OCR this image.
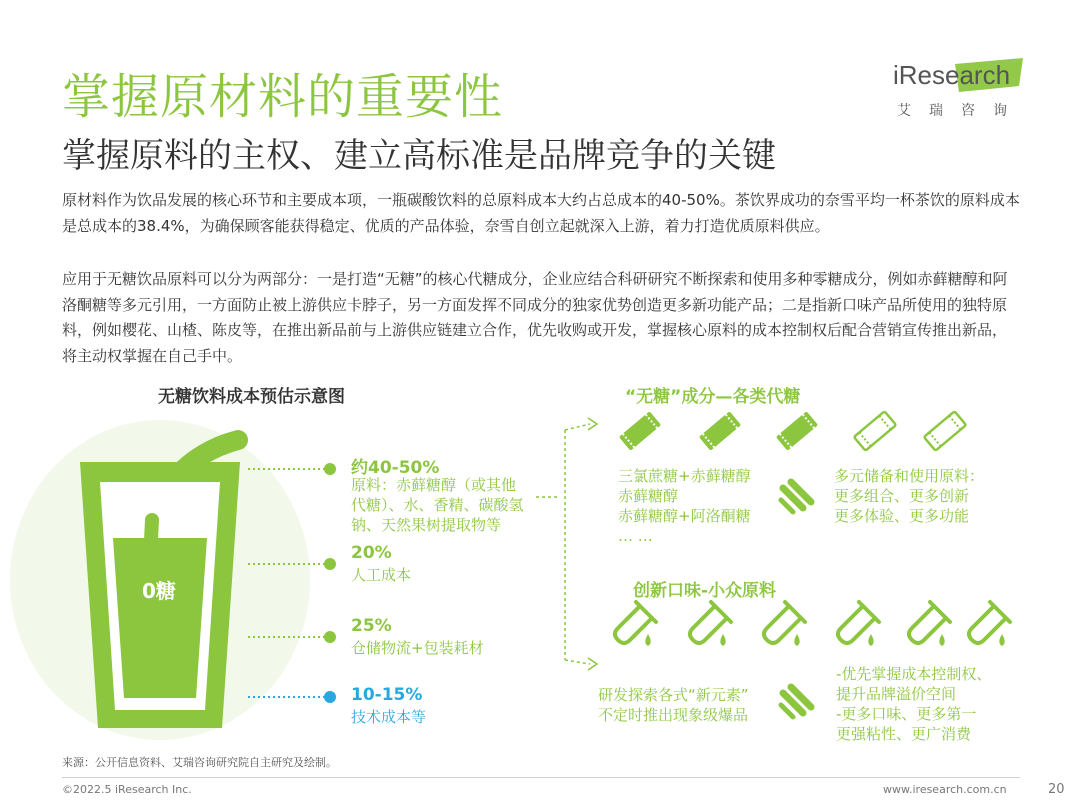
掌握原材料的重要性
掌握原料的主权、建立高标准是品牌竞争的关键
iResearch
艾瑞咨询
原材料作为饮品发展的核心环节和主要成本项，一瓶碳酸饮料的总原料成本大约占总成本的40-50%。茶饮界成功的奈雪平均一杯茶饮的原料成本是总成本的38.4%，为确保顾客能获得稳定、优质的产品体验，奈雪自创立起就深入上游，着力打造优质原料供应。
应用于无糖饮品原料可以分为两部分：一是打造“无糖”的核心代糖成分，企业应结合科研研究不断探索和使用多种零糖成分，例如赤藓糖醇和阿洛酮糖等多元引用，一方面防止被上游供应卡脖子，另一方面发挥不同成分的独家优势创造更多新功能产品；二是指新口味产品所使用的独特原料，例如樱花、山楂、陈皮等，在推出新品前与上游供应链建立合作，优先收购或开发，掌握核心原料的成本控制权后配合营销宣传推出新品，将主动权掌握在自己手中。
无糖饮料成本预估示意图
0糖
约40-50%
原料：赤藓糖醇（或其他代糖）、水、香精、碳酸氢钠、天然果树提取物等
20%
人工成本
25%
仓储物流+包装耗材
10-15%
技术成本等
“无糖”成分—各类代糖
三氯蔗糖+赤藓糖醇
赤藓糖醇
赤藓糖醇+阿洛酮糖
… …
多元储备和使用原料：
更多组合、更多创新
更多体验、更多功能
创新口味-小众原料
研发探索各式“新元素”
不定时推出现象级爆品
-优先掌握成本控制权、
提升品牌溢价空间
-更多口味、更多第一
更强粘性、更广消费
来源：公开信息资料、艾瑞咨询研究院自主研究及绘制。
©2022.5 iResearch Inc.	www.iresearch.com.cn	20
